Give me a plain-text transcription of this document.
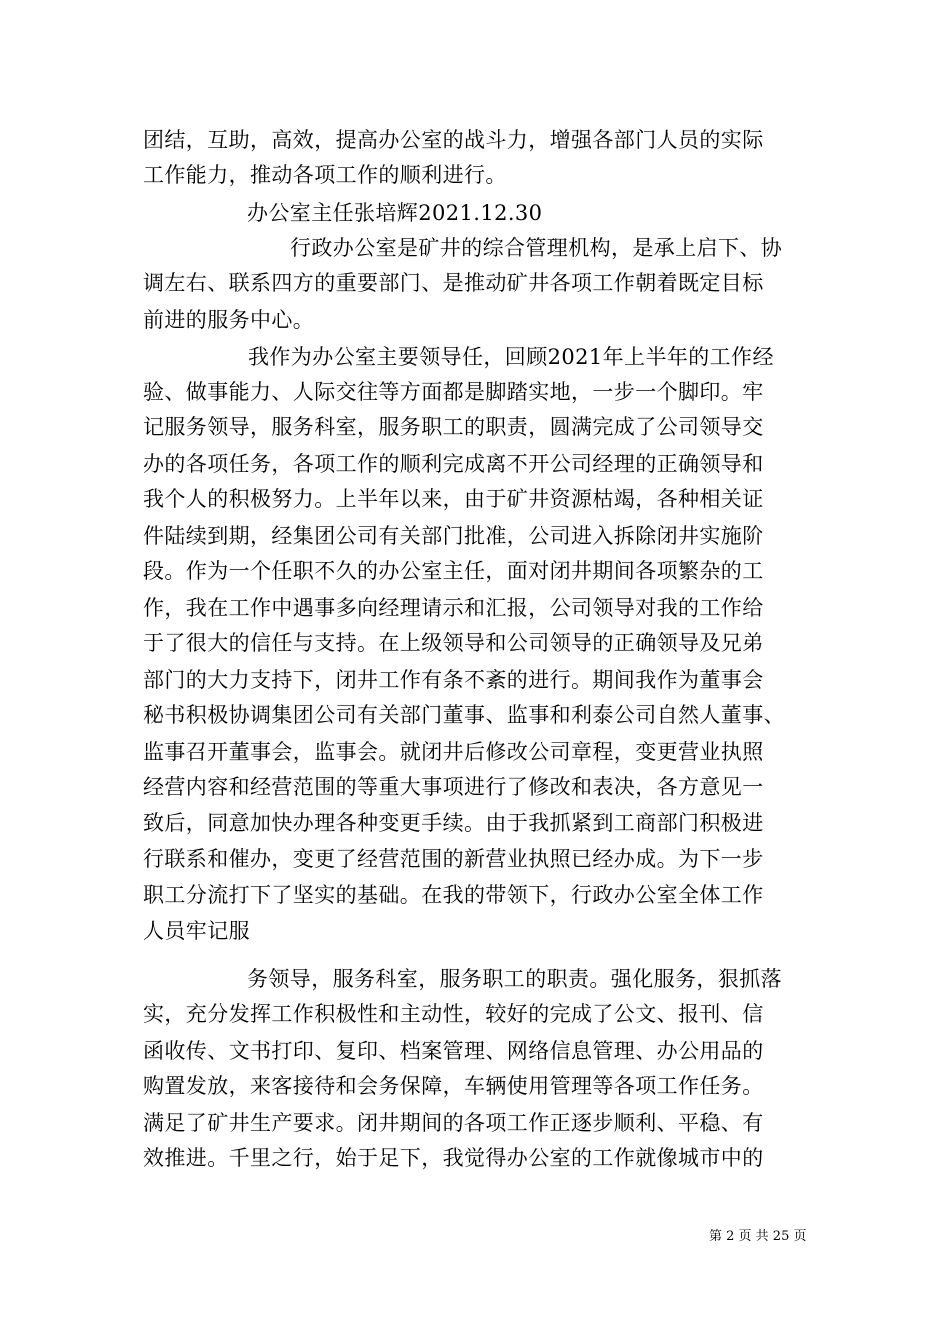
团结，互助，高效，提高办公室的战斗力，增强各部门人员的实际
工作能力，推动各项工作的顺利进行。
办公室主任张培辉2021.12.30
行政办公室是矿井的综合管理机构，是承上启下、协
调左右、联系四方的重要部门、是推动矿井各项工作朝着既定目标
前进的服务中心。
我作为办公室主要领导任，回顾2021年上半年的工作经
验、做事能力、人际交往等方面都是脚踏实地，一步一个脚印。牢
记服务领导，服务科室，服务职工的职责，圆满完成了公司领导交
办的各项任务，各项工作的顺利完成离不开公司经理的正确领导和
我个人的积极努力。上半年以来，由于矿井资源枯竭，各种相关证
件陆续到期，经集团公司有关部门批准，公司进入拆除闭井实施阶
段。作为一个任职不久的办公室主任，面对闭井期间各项繁杂的工
作，我在工作中遇事多向经理请示和汇报，公司领导对我的工作给
于了很大的信任与支持。在上级领导和公司领导的正确领导及兄弟
部门的大力支持下，闭井工作有条不紊的进行。期间我作为董事会
秘书积极协调集团公司有关部门董事、监事和利泰公司自然人董事、
监事召开董事会，监事会。就闭井后修改公司章程，变更营业执照
经营内容和经营范围的等重大事项进行了修改和表决，各方意见一
致后，同意加快办理各种变更手续。由于我抓紧到工商部门积极进
行联系和催办，变更了经营范围的新营业执照已经办成。为下一步
职工分流打下了坚实的基础。在我的带领下，行政办公室全体工作
人员牢记服
务领导，服务科室，服务职工的职责。强化服务，狠抓落
实，充分发挥工作积极性和主动性，较好的完成了公文、报刊、信
函收传、文书打印、复印、档案管理、网络信息管理、办公用品的
购置发放，来客接待和会务保障，车辆使用管理等各项工作任务。
满足了矿井生产要求。闭井期间的各项工作正逐步顺利、平稳、有
效推进。千里之行，始于足下，我觉得办公室的工作就像城市中的
第 2 页 共 25 页
